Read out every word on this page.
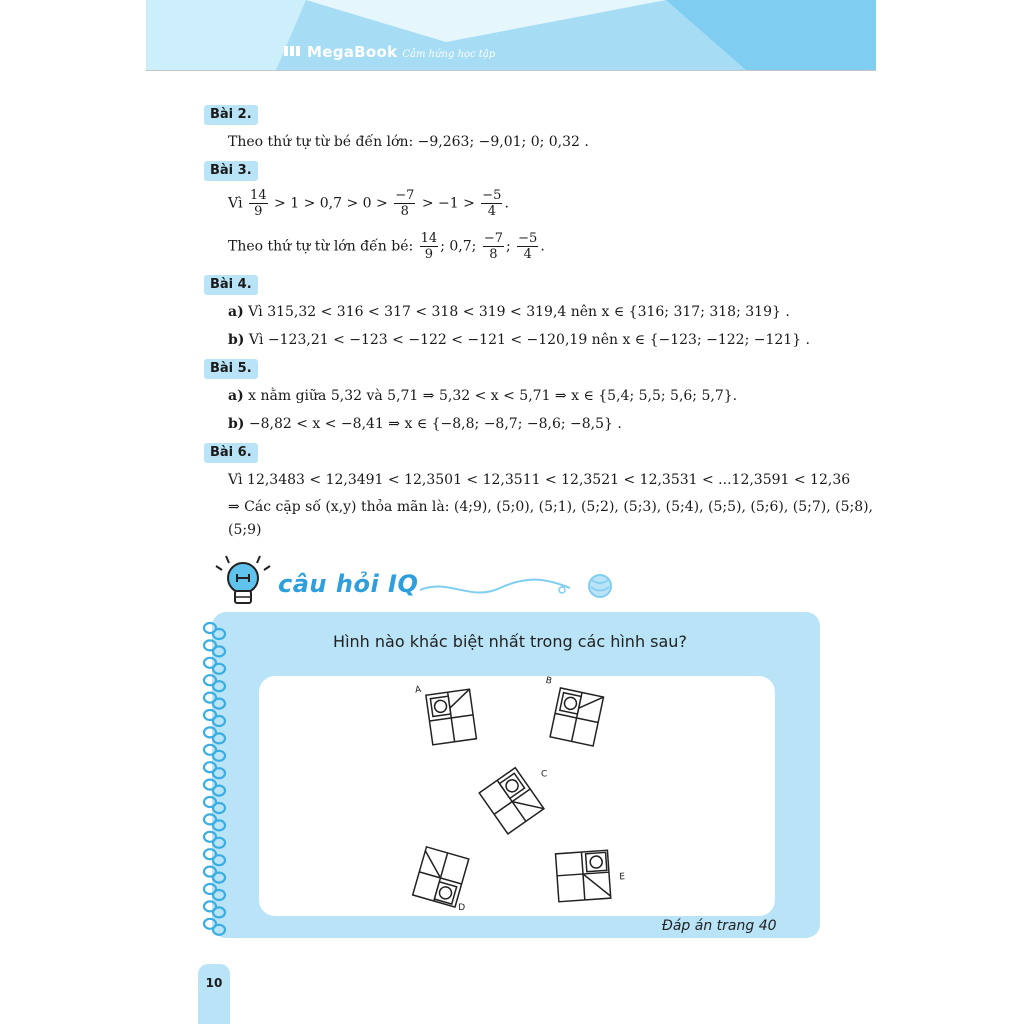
MegaBook Cảm hứng học tập
Bài 2.
Theo thứ tự từ bé đến lớn: −9,263; −9,01; 0; 0,32 .
Bài 3.
Vì $\frac{14}{9} > 1 > 0,7 > 0 > \frac{-7}{8} > -1 > \frac{-5}{4}$ .
Theo thứ tự từ lớn đến bé: $\frac{14}{9}$ ; 0,7; $\frac{-7}{8}$ ; $\frac{-5}{4}$ .
Bài 4.
a) Vì 315,32 < 316 < 317 < 318 < 319 < 319,4 nên x ∈ {316; 317; 318; 319} .
b) Vì −123,21 < −123 < −122 < −121 < −120,19 nên x ∈ {−123; −122; −121} .
Bài 5.
a) x nằm giữa 5,32 và 5,71 ⇒ 5,32 < x < 5,71 ⇒ x ∈ {5,4; 5,5; 5,6; 5,7}.
b) −8,82 < x < −8,41 ⇒ x ∈ {−8,8; −8,7; −8,6; −8,5} .
Bài 6.
Vì 12,3483 < 12,3491 < 12,3501 < 12,3511 < 12,3521 < 12,3531 < ...12,3591 < 12,36
⇒ Các cặp số (x,y) thỏa mãn là: (4;9), (5;0), (5;1), (5;2), (5;3), (5;4), (5;5), (5;6), (5;7), (5;8),
(5;9)
câu hỏi IQ
Hình nào khác biệt nhất trong các hình sau?
A
B
C
D
E
Đáp án trang 40
10
